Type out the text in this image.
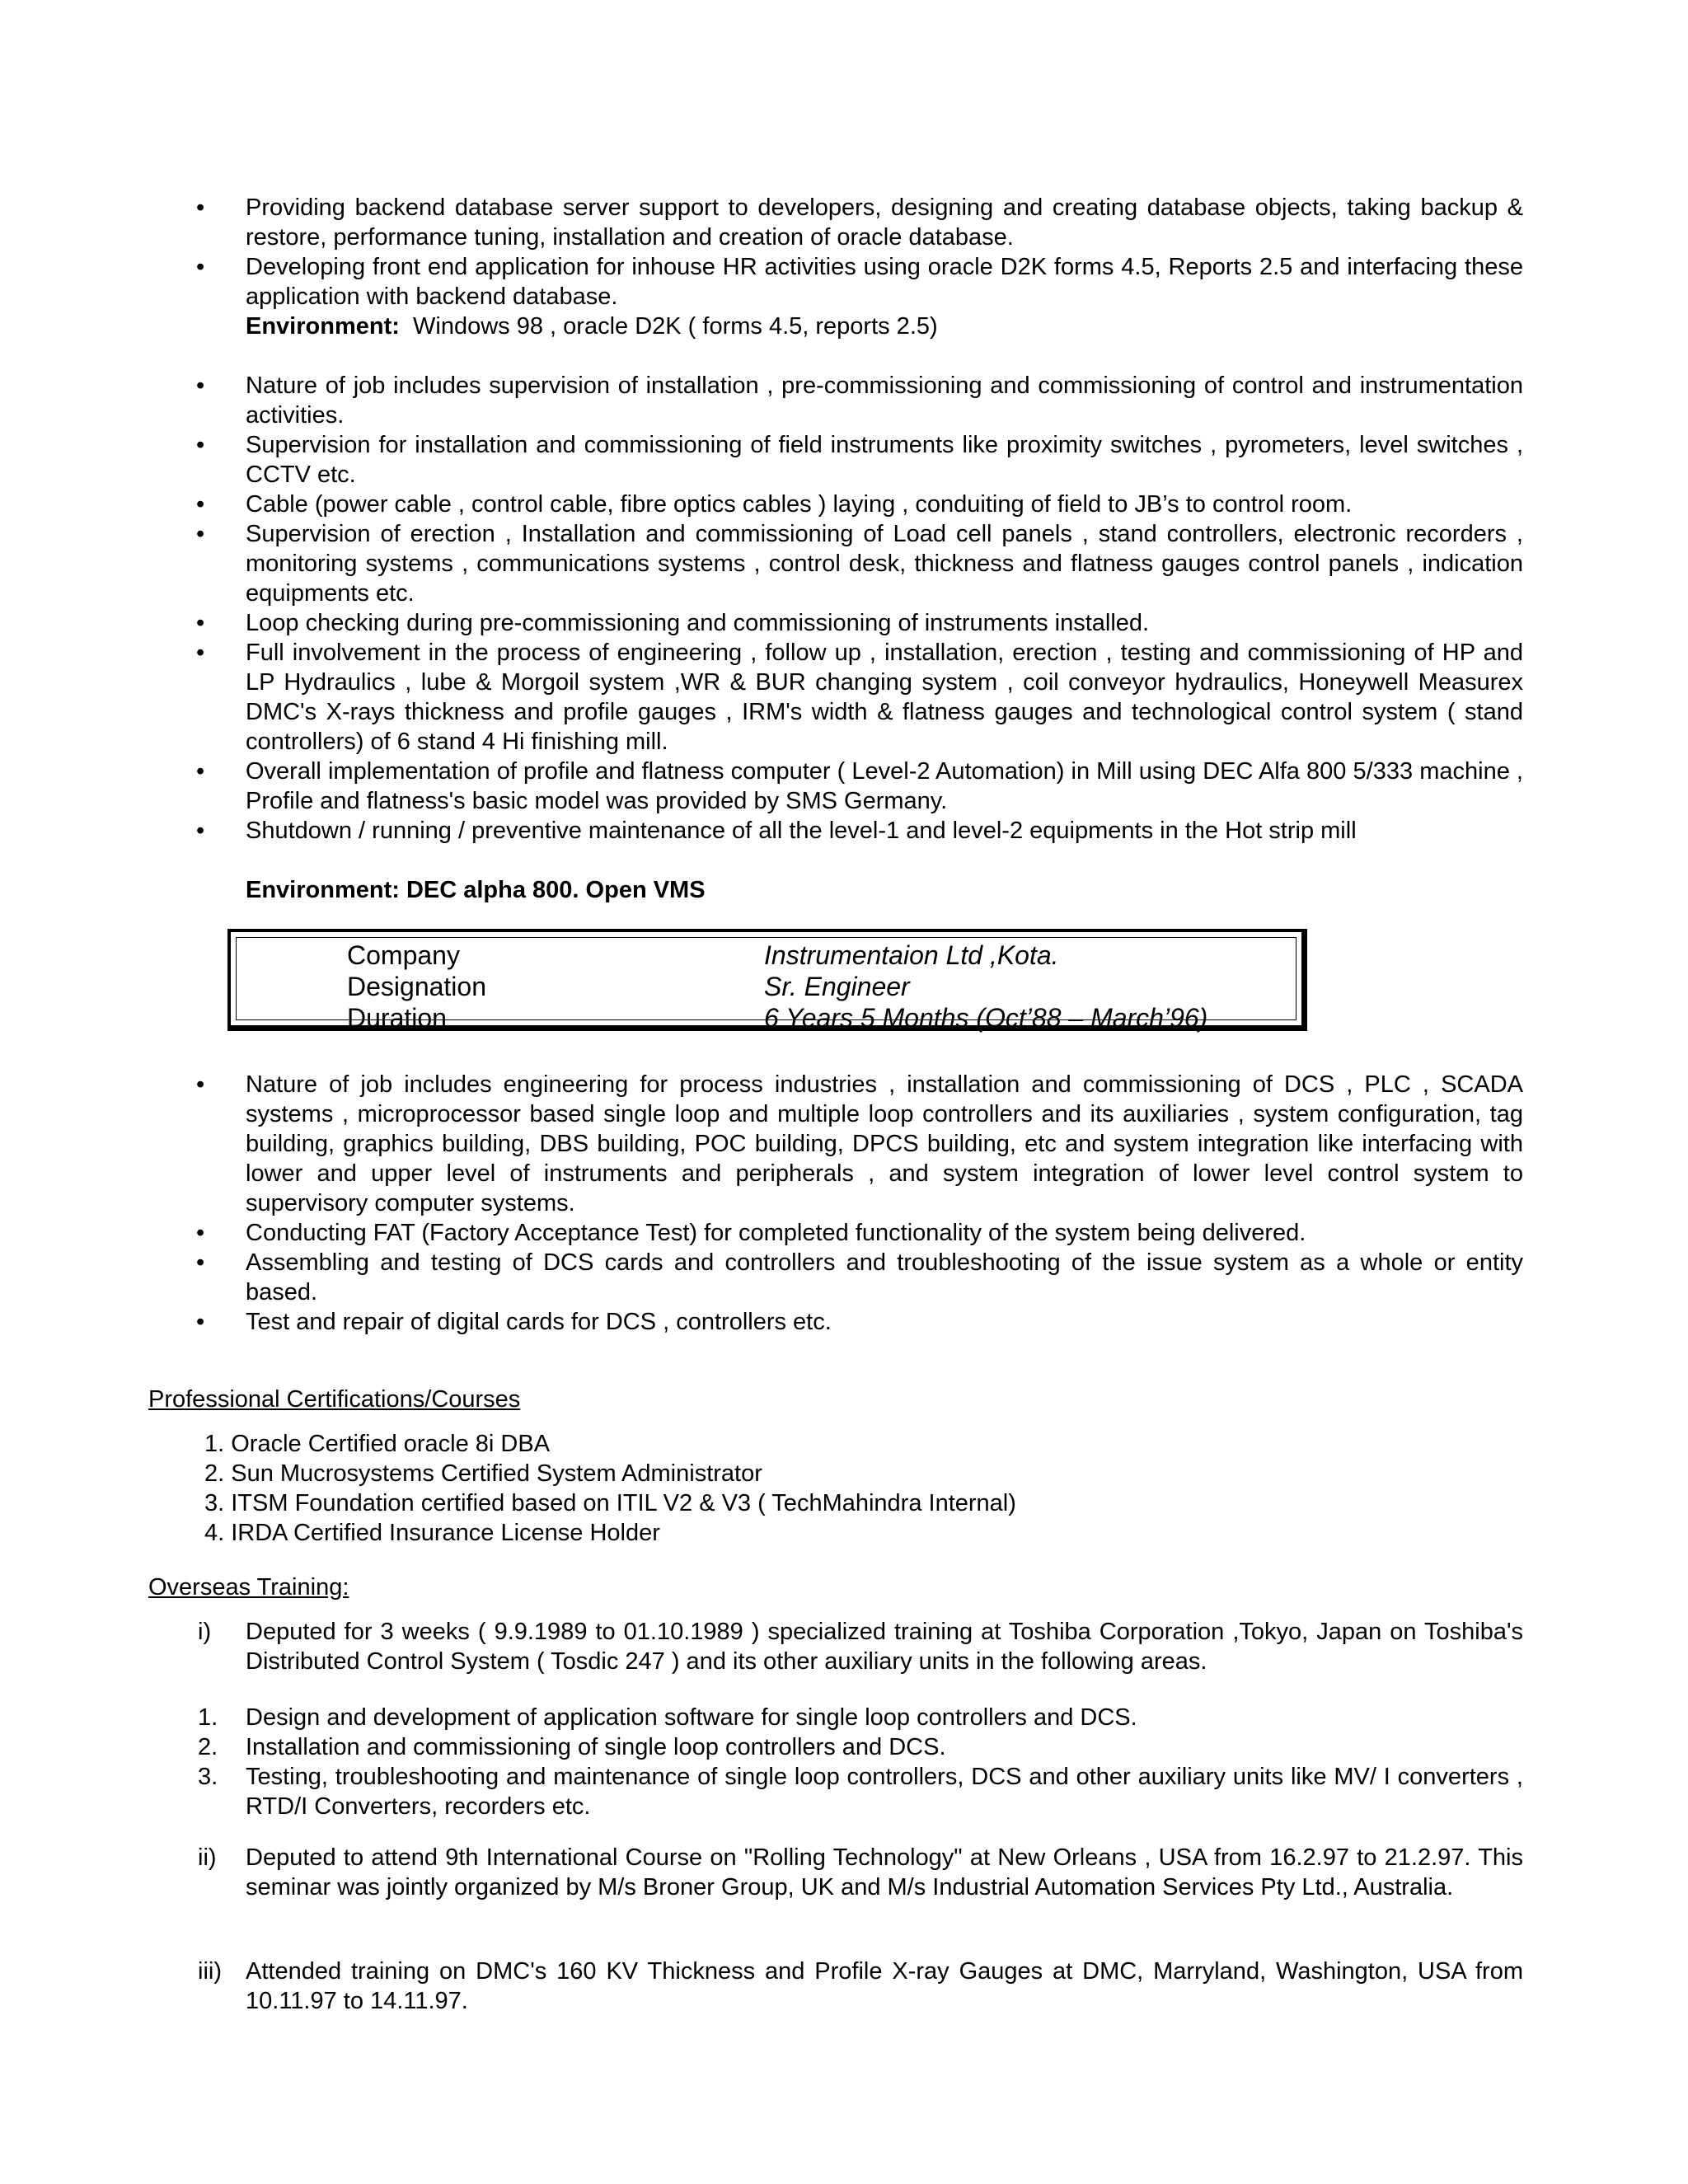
• Providing backend database server support to developers, designing and creating database objects, taking backup & restore, performance tuning, installation and creation of oracle database.
• Developing front end application for inhouse HR activities using oracle D2K forms 4.5, Reports 2.5 and interfacing these application with backend database.
Environment: Windows 98 , oracle D2K ( forms 4.5, reports 2.5)
• Nature of job includes supervision of installation , pre-commissioning and commissioning of control and instrumentation activities.
• Supervision for installation and commissioning of field instruments like proximity switches , pyrometers, level switches , CCTV etc.
• Cable (power cable , control cable, fibre optics cables ) laying , conduiting of field to JB’s to control room.
• Supervision of erection , Installation and commissioning of Load cell panels , stand controllers, electronic recorders , monitoring systems , communications systems , control desk, thickness and flatness gauges control panels , indication equipments etc.
• Loop checking during pre-commissioning and commissioning of instruments installed.
• Full involvement in the process of engineering , follow up , installation, erection , testing and commissioning of HP and LP Hydraulics , lube & Morgoil system ,WR & BUR changing system , coil conveyor hydraulics, Honeywell Measurex DMC's X-rays thickness and profile gauges , IRM's width & flatness gauges and technological control system ( stand controllers) of 6 stand 4 Hi finishing mill.
• Overall implementation of profile and flatness computer ( Level-2 Automation) in Mill using DEC Alfa 800 5/333 machine , Profile and flatness's basic model was provided by SMS Germany.
• Shutdown / running / preventive maintenance of all the level-1 and level-2 equipments in the Hot strip mill
Environment: DEC alpha 800. Open VMS
Company	Instrumentaion Ltd ,Kota.
Designation	Sr. Engineer
Duration	6 Years 5 Months (Oct’88 – March’96)
• Nature of job includes engineering for process industries , installation and commissioning of DCS , PLC , SCADA systems , microprocessor based single loop and multiple loop controllers and its auxiliaries , system configuration, tag building, graphics building, DBS building, POC building, DPCS building, etc and system integration like interfacing with lower and upper level of instruments and peripherals , and system integration of lower level control system to supervisory computer systems.
• Conducting FAT (Factory Acceptance Test) for completed functionality of the system being delivered.
• Assembling and testing of DCS cards and controllers and troubleshooting of the issue system as a whole or entity based.
• Test and repair of digital cards for DCS , controllers etc.
Professional Certifications/Courses
1. Oracle Certified oracle 8i DBA
2. Sun Mucrosystems Certified System Administrator
3. ITSM Foundation certified based on ITIL V2 & V3 ( TechMahindra Internal)
4. IRDA Certified Insurance License Holder
Overseas Training:
i) Deputed for 3 weeks ( 9.9.1989 to 01.10.1989 ) specialized training at Toshiba Corporation ,Tokyo, Japan on Toshiba's Distributed Control System ( Tosdic 247 ) and its other auxiliary units in the following areas.
1. Design and development of application software for single loop controllers and DCS.
2. Installation and commissioning of single loop controllers and DCS.
3. Testing, troubleshooting and maintenance of single loop controllers, DCS and other auxiliary units like MV/ I converters , RTD/I Converters, recorders etc.
ii) Deputed to attend 9th International Course on "Rolling Technology" at New Orleans , USA from 16.2.97 to 21.2.97. This seminar was jointly organized by M/s Broner Group, UK and M/s Industrial Automation Services Pty Ltd., Australia.
iii) Attended training on DMC's 160 KV Thickness and Profile X-ray Gauges at DMC, Marryland, Washington, USA from 10.11.97 to 14.11.97.
